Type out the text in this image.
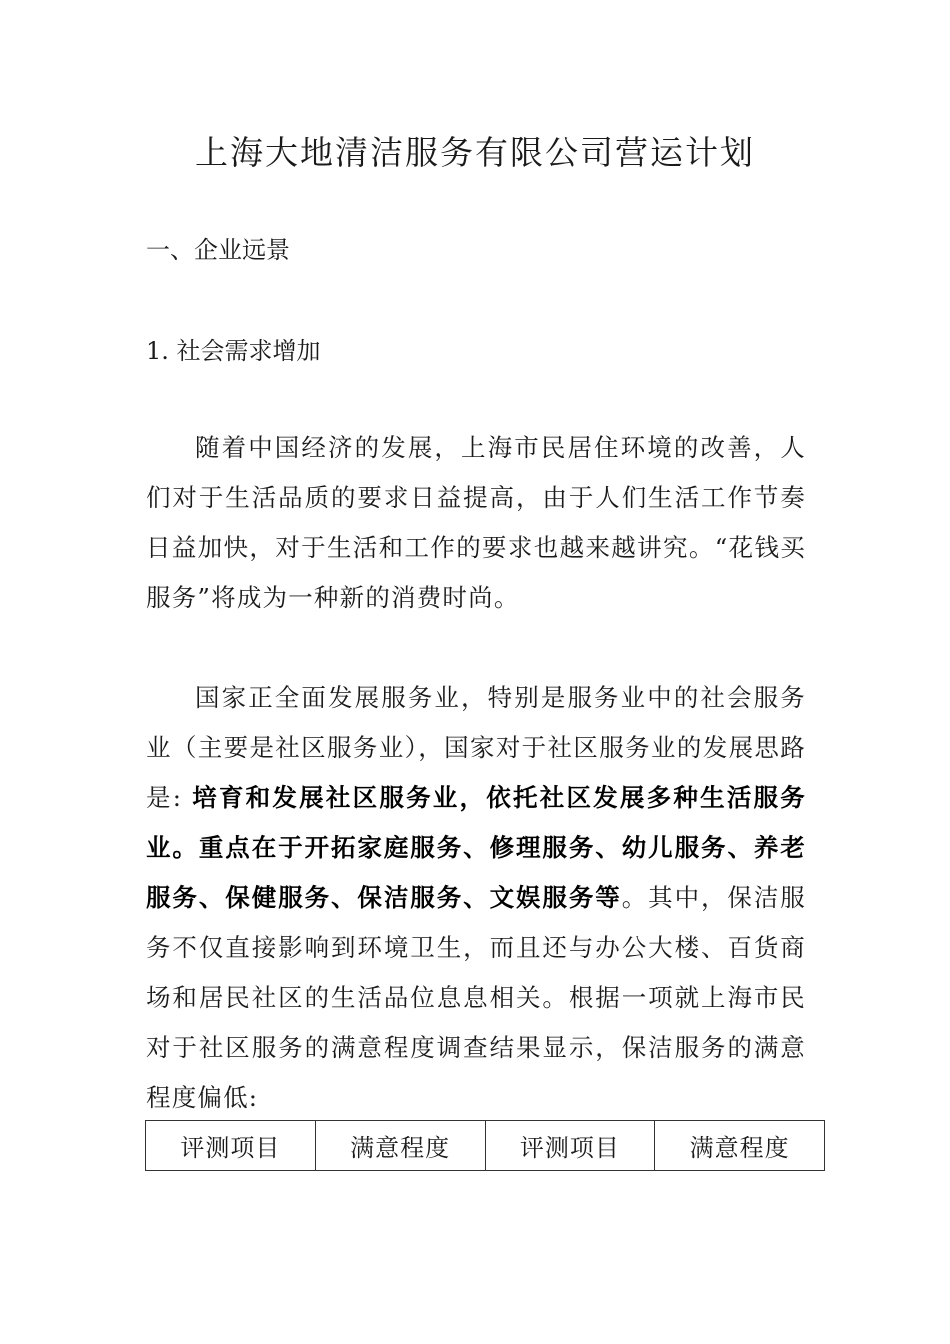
上海大地清洁服务有限公司营运计划
一、企业远景
1. 社会需求增加
随着中国经济的发展，上海市民居住环境的改善，人们对于生活品质的要求日益提高，由于人们生活工作节奏日益加快，对于生活和工作的要求也越来越讲究。“花钱买服务”将成为一种新的消费时尚。
国家正全面发展服务业，特别是服务业中的社会服务业（主要是社区服务业），国家对于社区服务业的发展思路是: 培育和发展社区服务业，依托社区发展多种生活服务业。重点在于开拓家庭服务、修理服务、幼儿服务、养老服务、保健服务、保洁服务、文娱服务等。其中，保洁服务不仅直接影响到环境卫生，而且还与办公大楼、百货商场和居民社区的生活品位息息相关。根据一项就上海市民对于社区服务的满意程度调查结果显示，保洁服务的满意程度偏低:
评测项目	满意程度	评测项目	满意程度
